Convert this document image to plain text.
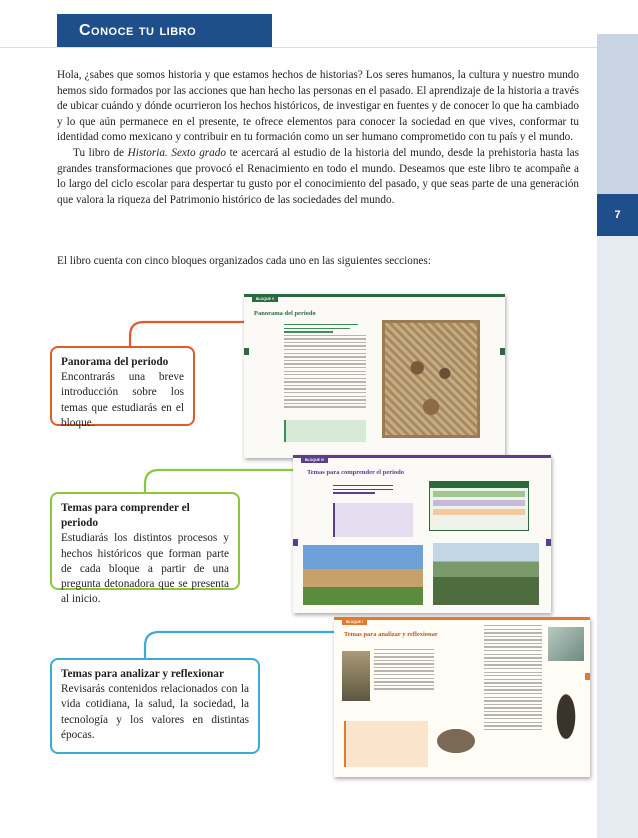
7
Conoce tu libro

Hola, ¿sabes que somos historia y que estamos hechos de historias? Los seres humanos, la cultura y nuestro mundo hemos sido formados por las acciones que han hecho las personas en el pasado. El aprendizaje de la historia a través de ubicar cuándo y dónde ocurrieron los hechos históricos, de investigar en fuentes y de conocer lo que ha cambiado y lo que aún permanece en el presente, te ofrece elementos para conocer la sociedad en que vives, conformar tu identidad como mexicano y contribuir en tu formación como un ser humano comprometido con tu país y el mundo.

Tu libro de Historia. Sexto grado te acercará al estudio de la historia del mundo, desde la prehistoria hasta las grandes transformaciones que provocó el Renacimiento en todo el mundo. Deseamos que este libro te acompañe a lo largo del ciclo escolar para despertar tu gusto por el conocimiento del pasado, y que seas parte de una generación que valora la riqueza del Patrimonio histórico de las sociedades del mundo.

El libro cuenta con cinco bloques organizados cada uno en las siguientes secciones:
BLOQUE V
Panorama del periodo
BLOQUE IV
Temas para comprender el periodo
BLOQUE I
Temas para analizar y reflexionar
Panorama del periodo
Encontrarás una breve introducción sobre los temas que estudiarás en el bloque.
Temas para comprender el periodo
Estudiarás los distintos procesos y hechos históricos que forman parte de cada bloque a partir de una pregunta detonadora que se presenta al inicio.
Temas para analizar y reflexionar
Revisarás contenidos relacionados con la vida cotidiana, la salud, la sociedad, la tecnología y los valores en distintas épocas.
